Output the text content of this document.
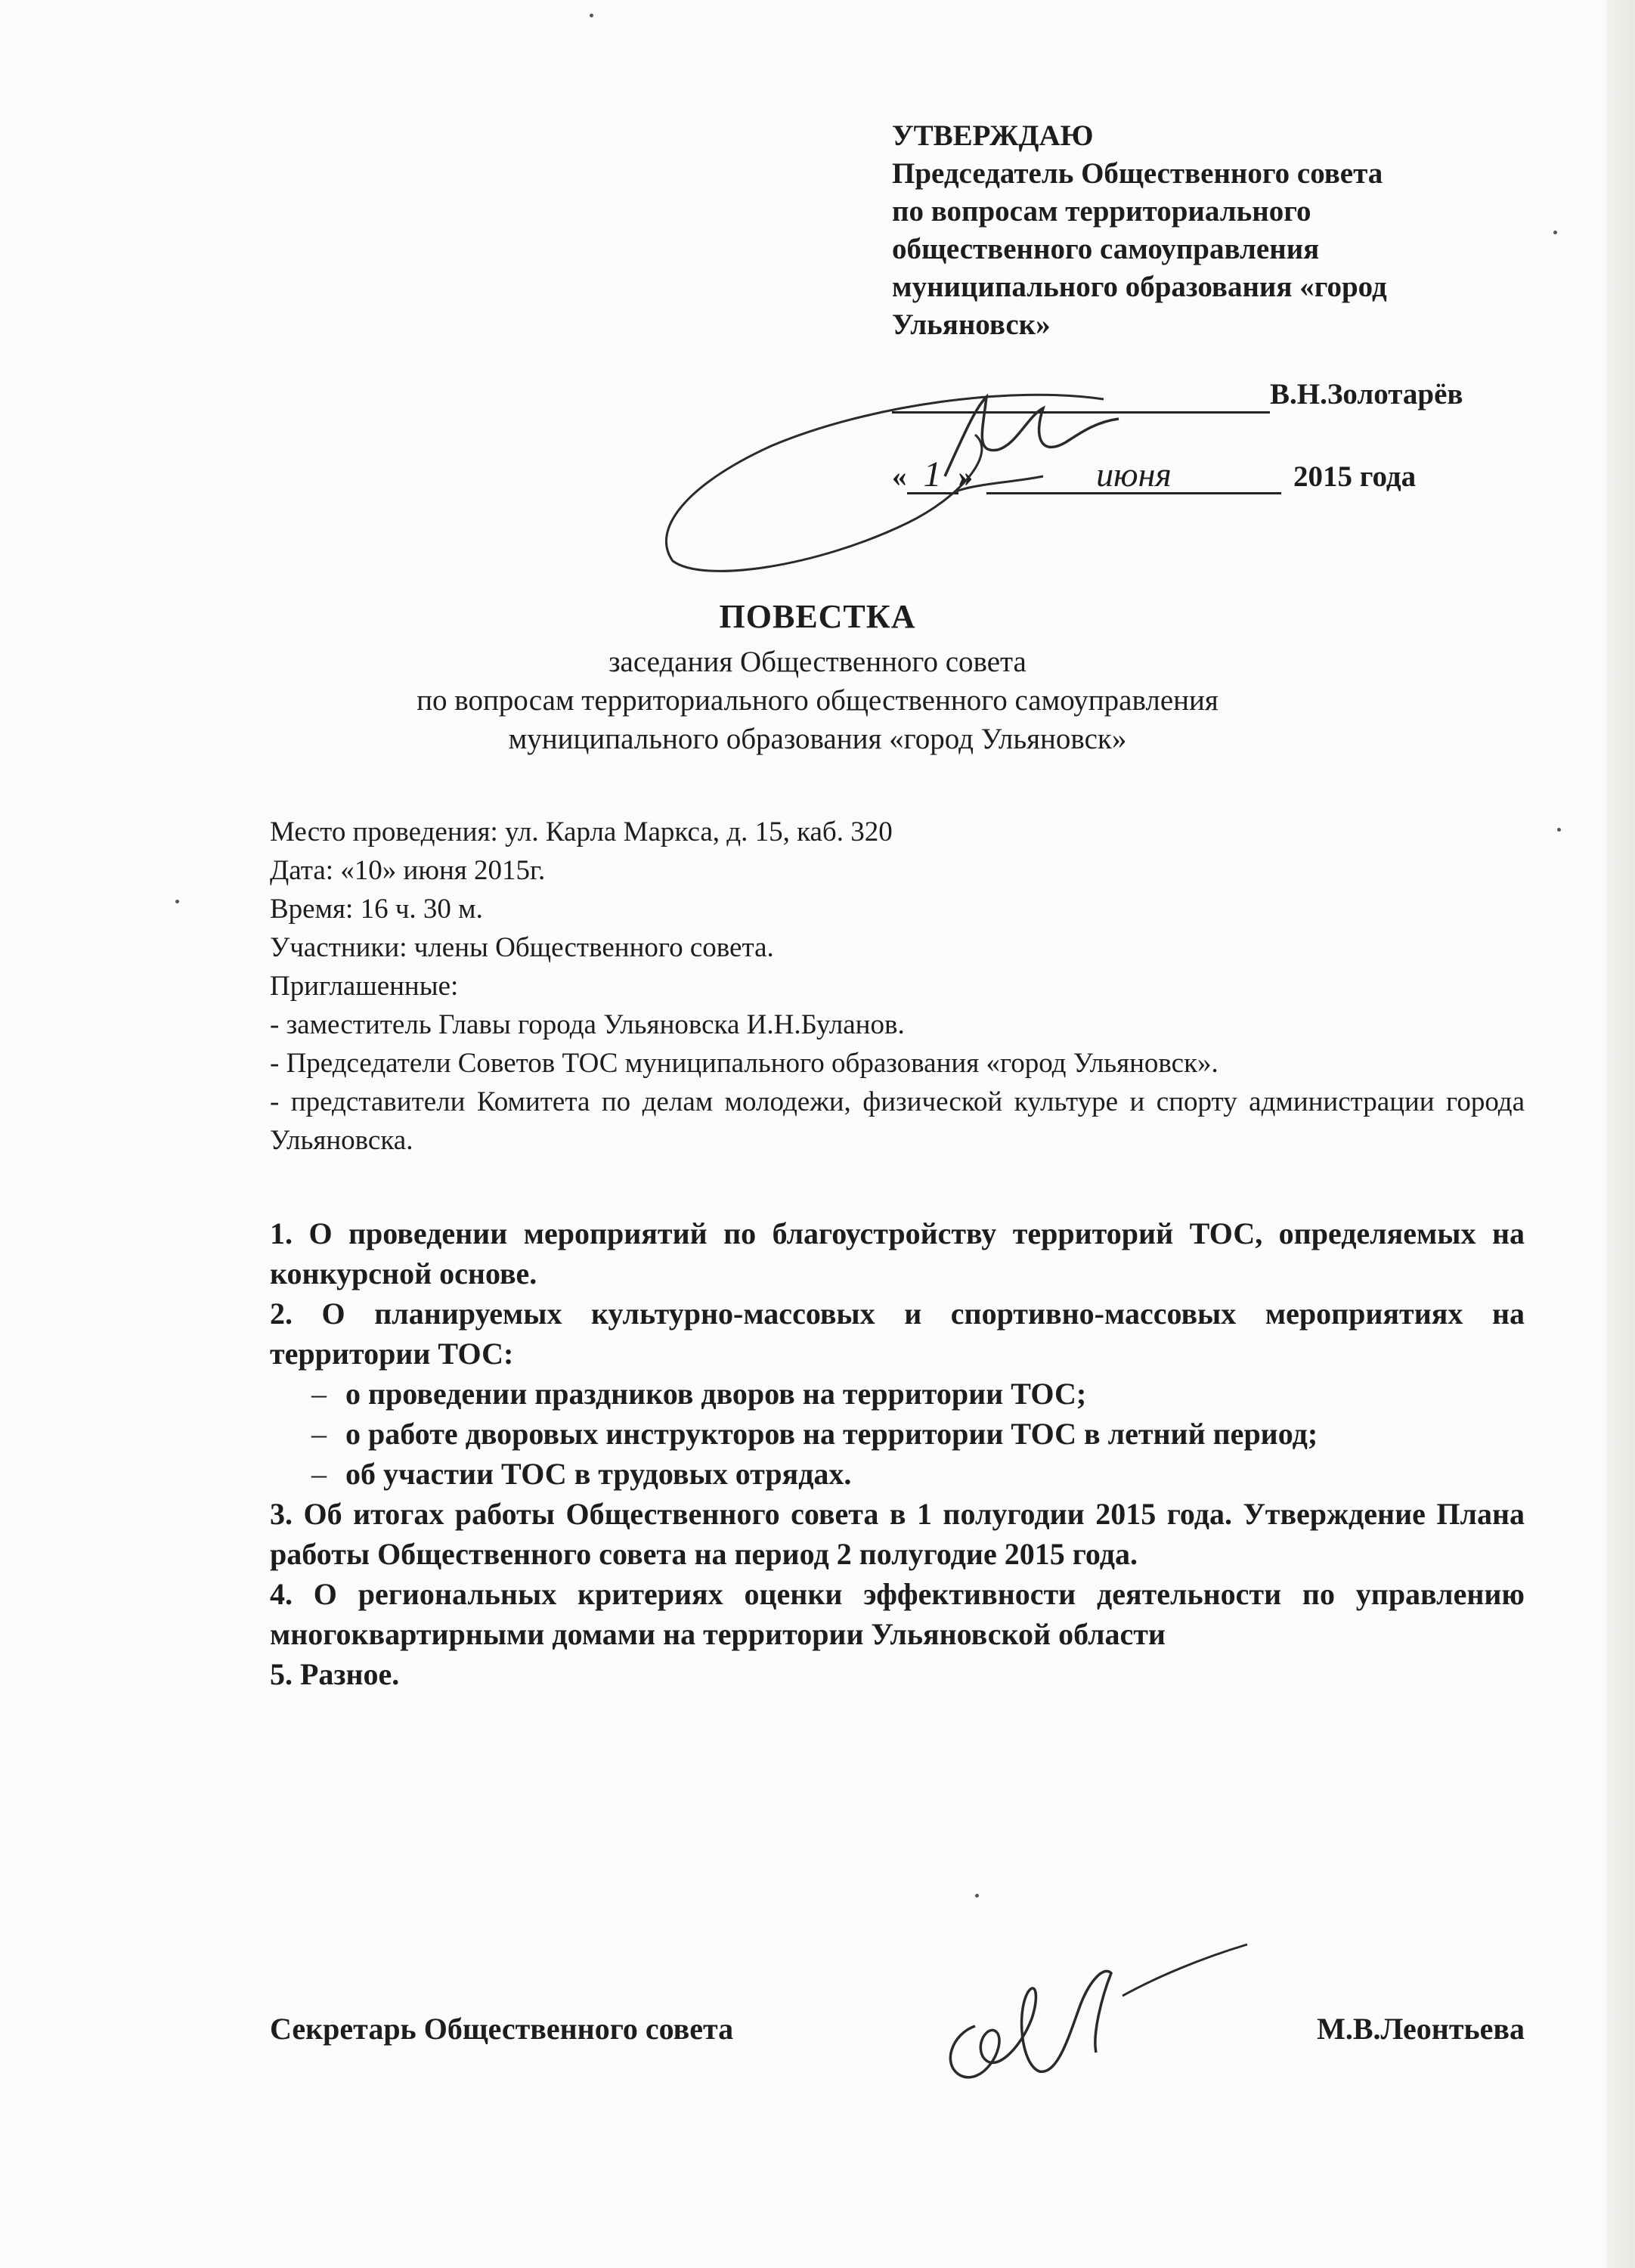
УТВЕРЖДАЮ
Председатель Общественного совета
по вопросам территориального
общественного самоуправления
муниципального образования «город
Ульяновск»
В.Н.Золотарёв
« 1 »	июня	2015 года
ПОВЕСТКА
заседания Общественного совета
по вопросам территориального общественного самоуправления
муниципального образования «город Ульяновск»
Место проведения: ул. Карла Маркса, д. 15, каб. 320
Дата: «10» июня 2015г.
Время: 16 ч. 30 м.
Участники: члены Общественного совета.
Приглашенные:
- заместитель Главы города Ульяновска И.Н.Буланов.
- Председатели Советов ТОС муниципального образования «город Ульяновск».
- представители Комитета по делам молодежи, физической культуре и спорту администрации города Ульяновска.
1. О проведении мероприятий по благоустройству территорий ТОС, определяемых на конкурсной основе.
2. О планируемых культурно-массовых и спортивно-массовых мероприятиях на территории ТОС:
– о проведении праздников дворов на территории ТОС;
– о работе дворовых инструкторов на территории ТОС в летний период;
– об участии ТОС в трудовых отрядах.
3. Об итогах работы Общественного совета в 1 полугодии 2015 года. Утверждение Плана работы Общественного совета на период 2 полугодие 2015 года.
4. О региональных критериях оценки эффективности деятельности по управлению многоквартирными домами на территории Ульяновской области
5. Разное.
Секретарь Общественного совета	М.В.Леонтьева
